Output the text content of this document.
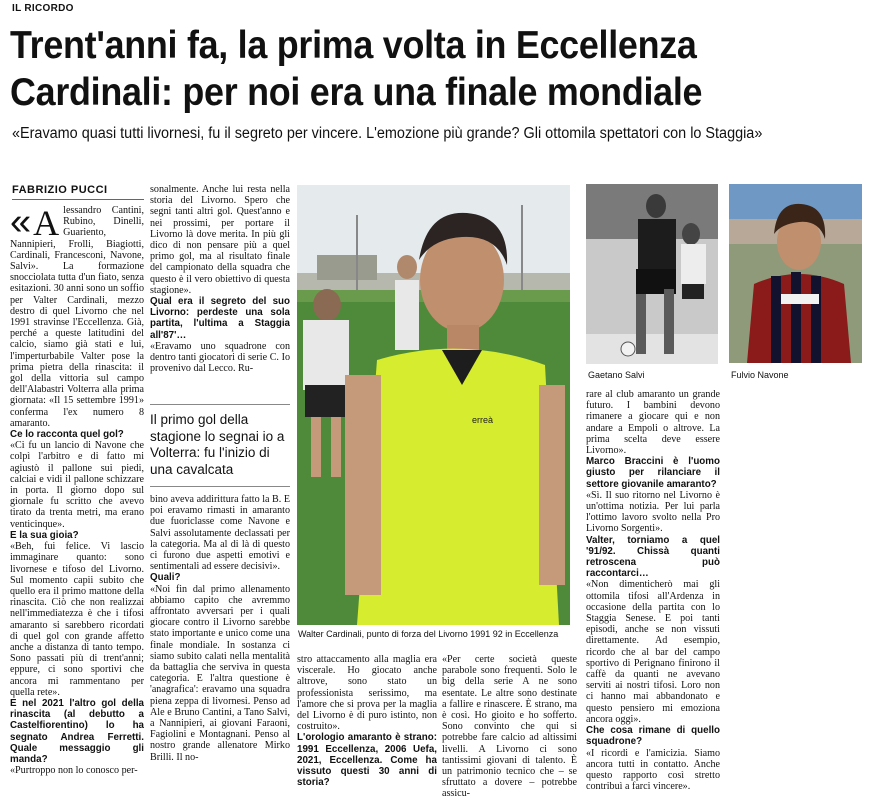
IL RICORDO
Trent'anni fa, la prima volta in Eccellenza
Cardinali: per noi era una finale mondiale
«Eravamo quasi tutti livornesi, fu il segreto per vincere. L'emozione più grande? Gli ottomila spettatori con lo Staggia»
FABRIZIO PUCCI
« A lessandro Cantini, Rubino, Dinelli, Guariento, Nannipieri, Frolli, Biagiotti, Cardinali, Francesconi, Navone, Salvi». La formazione snocciolata tutta d'un fiato, senza esitazioni. 30 anni sono un soffio per Valter Cardinali, mezzo destro di quel Livorno che nel 1991 stravinse l'Eccellenza. Già, perché a queste latitudini del calcio, siamo già stati e lui, l'imperturbabile Valter pose la prima pietra della rinascita: il gol della vittoria sul campo dell'Alabastri Volterra alla prima giornata: «Il 15 settembre 1991» conferma l'ex numero 8 amaranto.

Ce lo racconta quel gol?

«Ci fu un lancio di Navone che colpì l'arbitro e di fatto mi agiustò il pallone sui piedi, calciai e vidi il pallone schizzare in porta. Il giorno dopo sul giornale fu scritto che avevo tirato da trenta metri, ma erano venticinque».

E la sua gioia?

«Beh, fui felice. Vi lascio immaginare quanto: sono livornese e tifoso del Livorno. Sul momento capii subito che quello era il primo mattone della rinascita. Ciò che non realizzai nell'immediatezza è che i tifosi amaranto si sarebbero ricordati di quel gol con grande affetto anche a distanza di tanto tempo. Sono passati più di trent'anni; eppure, ci sono sportivi che ancora mi rammentano per quella rete».

E nel 2021 l'altro gol della rinascita (al debutto a Castelfiorentino) lo ha segnato Andrea Ferretti. Quale messaggio gli manda?

«Purtroppo non lo conosco per-

sonalmente. Anche lui resta nella storia del Livorno. Spero che segni tanti altri gol. Quest'anno e nei prossimi, per portare il Livorno là dove merita. In più gli dico di non pensare più a quel primo gol, ma al risultato finale del campionato della squadra che questo è il vero obiettivo di questa stagione».

Qual era il segreto del suo Livorno: perdeste una sola partita, l'ultima a Staggia all'87'…

«Eravamo uno squadrone con dentro tanti giocatori di serie C. Io provenivo dal Lecco. Ru-

Il primo gol della stagione lo segnai io a Volterra: fu l'inizio di una cavalcata

bino aveva addirittura fatto la B. E poi eravamo rimasti in amaranto due fuoriclasse come Navone e Salvi assolutamente declassati per la categoria. Ma al di là di questo ci furono due aspetti emotivi e sentimentali ad essere decisivi».

Quali?

«Noi fin dal primo allenamento abbiamo capito che avremmo affrontato avversari per i quali giocare contro il Livorno sarebbe stato importante e unico come una finale mondiale. In sostanza ci siamo subito calati nella mentalità da battaglia che serviva in questa categoria. E l'altra questione è 'anagrafica': eravamo una squadra piena zeppa di livornesi. Penso ad Ale e Bruno Cantini, a Tano Salvi, a Nannipieri, ai giovani Faraoni, Fagiolini e Montagnani. Penso al nostro grande allenatore Mirko Brilli. Il no-

erreà
Walter Cardinali, punto di forza del Livorno 1991 92 in Eccellenza
Gaetano Salvi	Fulvio Navone

stro attaccamento alla maglia era viscerale. Ho giocato anche altrove, sono stato un professionista serissimo, ma l'amore che si prova per la maglia del Livorno è di puro istinto, non costruito».

L'orologio amaranto è strano: 1991 Eccellenza, 2006 Uefa, 2021, Eccellenza. Come ha vissuto questi 30 anni di storia?

«Per certe società queste parabole sono frequenti. Solo le big della serie A ne sono esentate. Le altre sono destinate a fallire e rinascere. È strano, ma è così. Ho gioito e ho sofferto. Sono convinto che qui si potrebbe fare calcio ad altissimi livelli. A Livorno ci sono tantissimi giovani di talento. È un patrimonio tecnico che – se sfruttato a dovere – potrebbe assicu-

rare al club amaranto un grande futuro. I bambini devono rimanere a giocare qui e non andare a Empoli o altrove. La prima scelta deve essere Livorno».

Marco Braccini è l'uomo giusto per rilanciare il settore giovanile amaranto?

«Sì. Il suo ritorno nel Livorno è un'ottima notizia. Per lui parla l'ottimo lavoro svolto nella Pro Livorno Sorgenti».

Valter, torniamo a quel '91/92. Chissà quanti retroscena può raccontarci…

«Non dimenticherò mai gli ottomila tifosi all'Ardenza in occasione della partita con lo Staggia Senese. E poi tanti episodi, anche se non vissuti direttamente. Ad esempio, ricordo che al bar del campo sportivo di Perignano finirono il caffè da quanti ne avevano serviti ai nostri tifosi. Loro non ci hanno mai abbandonato e questo pensiero mi emoziona ancora oggi».

Che cosa rimane di quello squadrone?

«I ricordi e l'amicizia. Siamo ancora tutti in contatto. Anche questo rapporto così stretto contribuì a farci vincere».
